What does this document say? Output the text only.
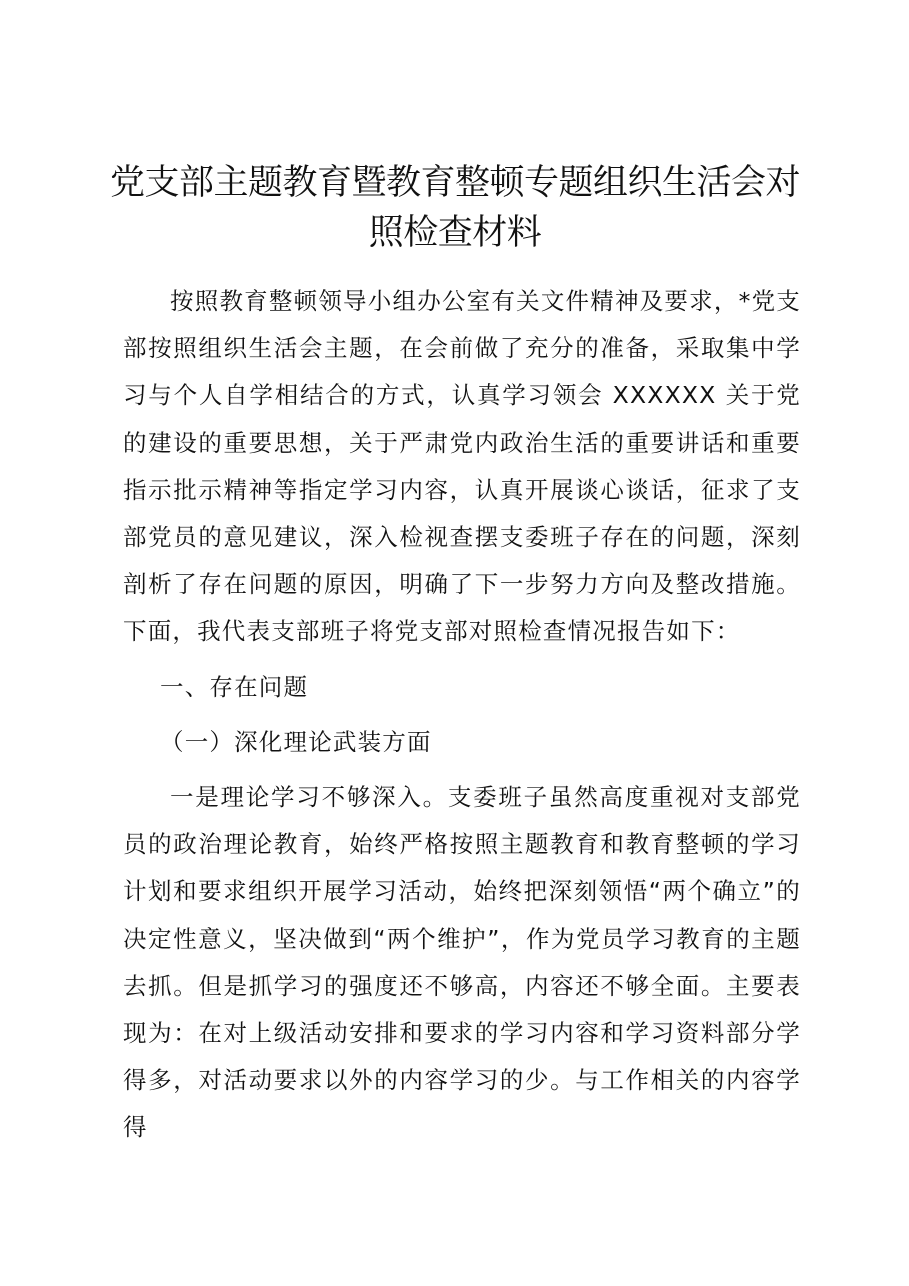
党支部主题教育暨教育整顿专题组织生活会对
照检查材料

按照教育整顿领导小组办公室有关文件精神及要求，*党支部按照组织生活会主题，在会前做了充分的准备，采取集中学习与个人自学相结合的方式，认真学习领会 XXXXXX 关于党的建设的重要思想，关于严肃党内政治生活的重要讲话和重要指示批示精神等指定学习内容，认真开展谈心谈话，征求了支部党员的意见建议，深入检视查摆支委班子存在的问题，深刻剖析了存在问题的原因，明确了下一步努力方向及整改措施。下面，我代表支部班子将党支部对照检查情况报告如下：

一、存在问题

（一）深化理论武装方面

一是理论学习不够深入。支委班子虽然高度重视对支部党员的政治理论教育，始终严格按照主题教育和教育整顿的学习计划和要求组织开展学习活动，始终把深刻领悟“两个确立”的决定性意义，坚决做到“两个维护”，作为党员学习教育的主题去抓。但是抓学习的强度还不够高，内容还不够全面。主要表现为：在对上级活动安排和要求的学习内容和学习资料部分学得多，对活动要求以外的内容学习的少。与工作相关的内容学得
